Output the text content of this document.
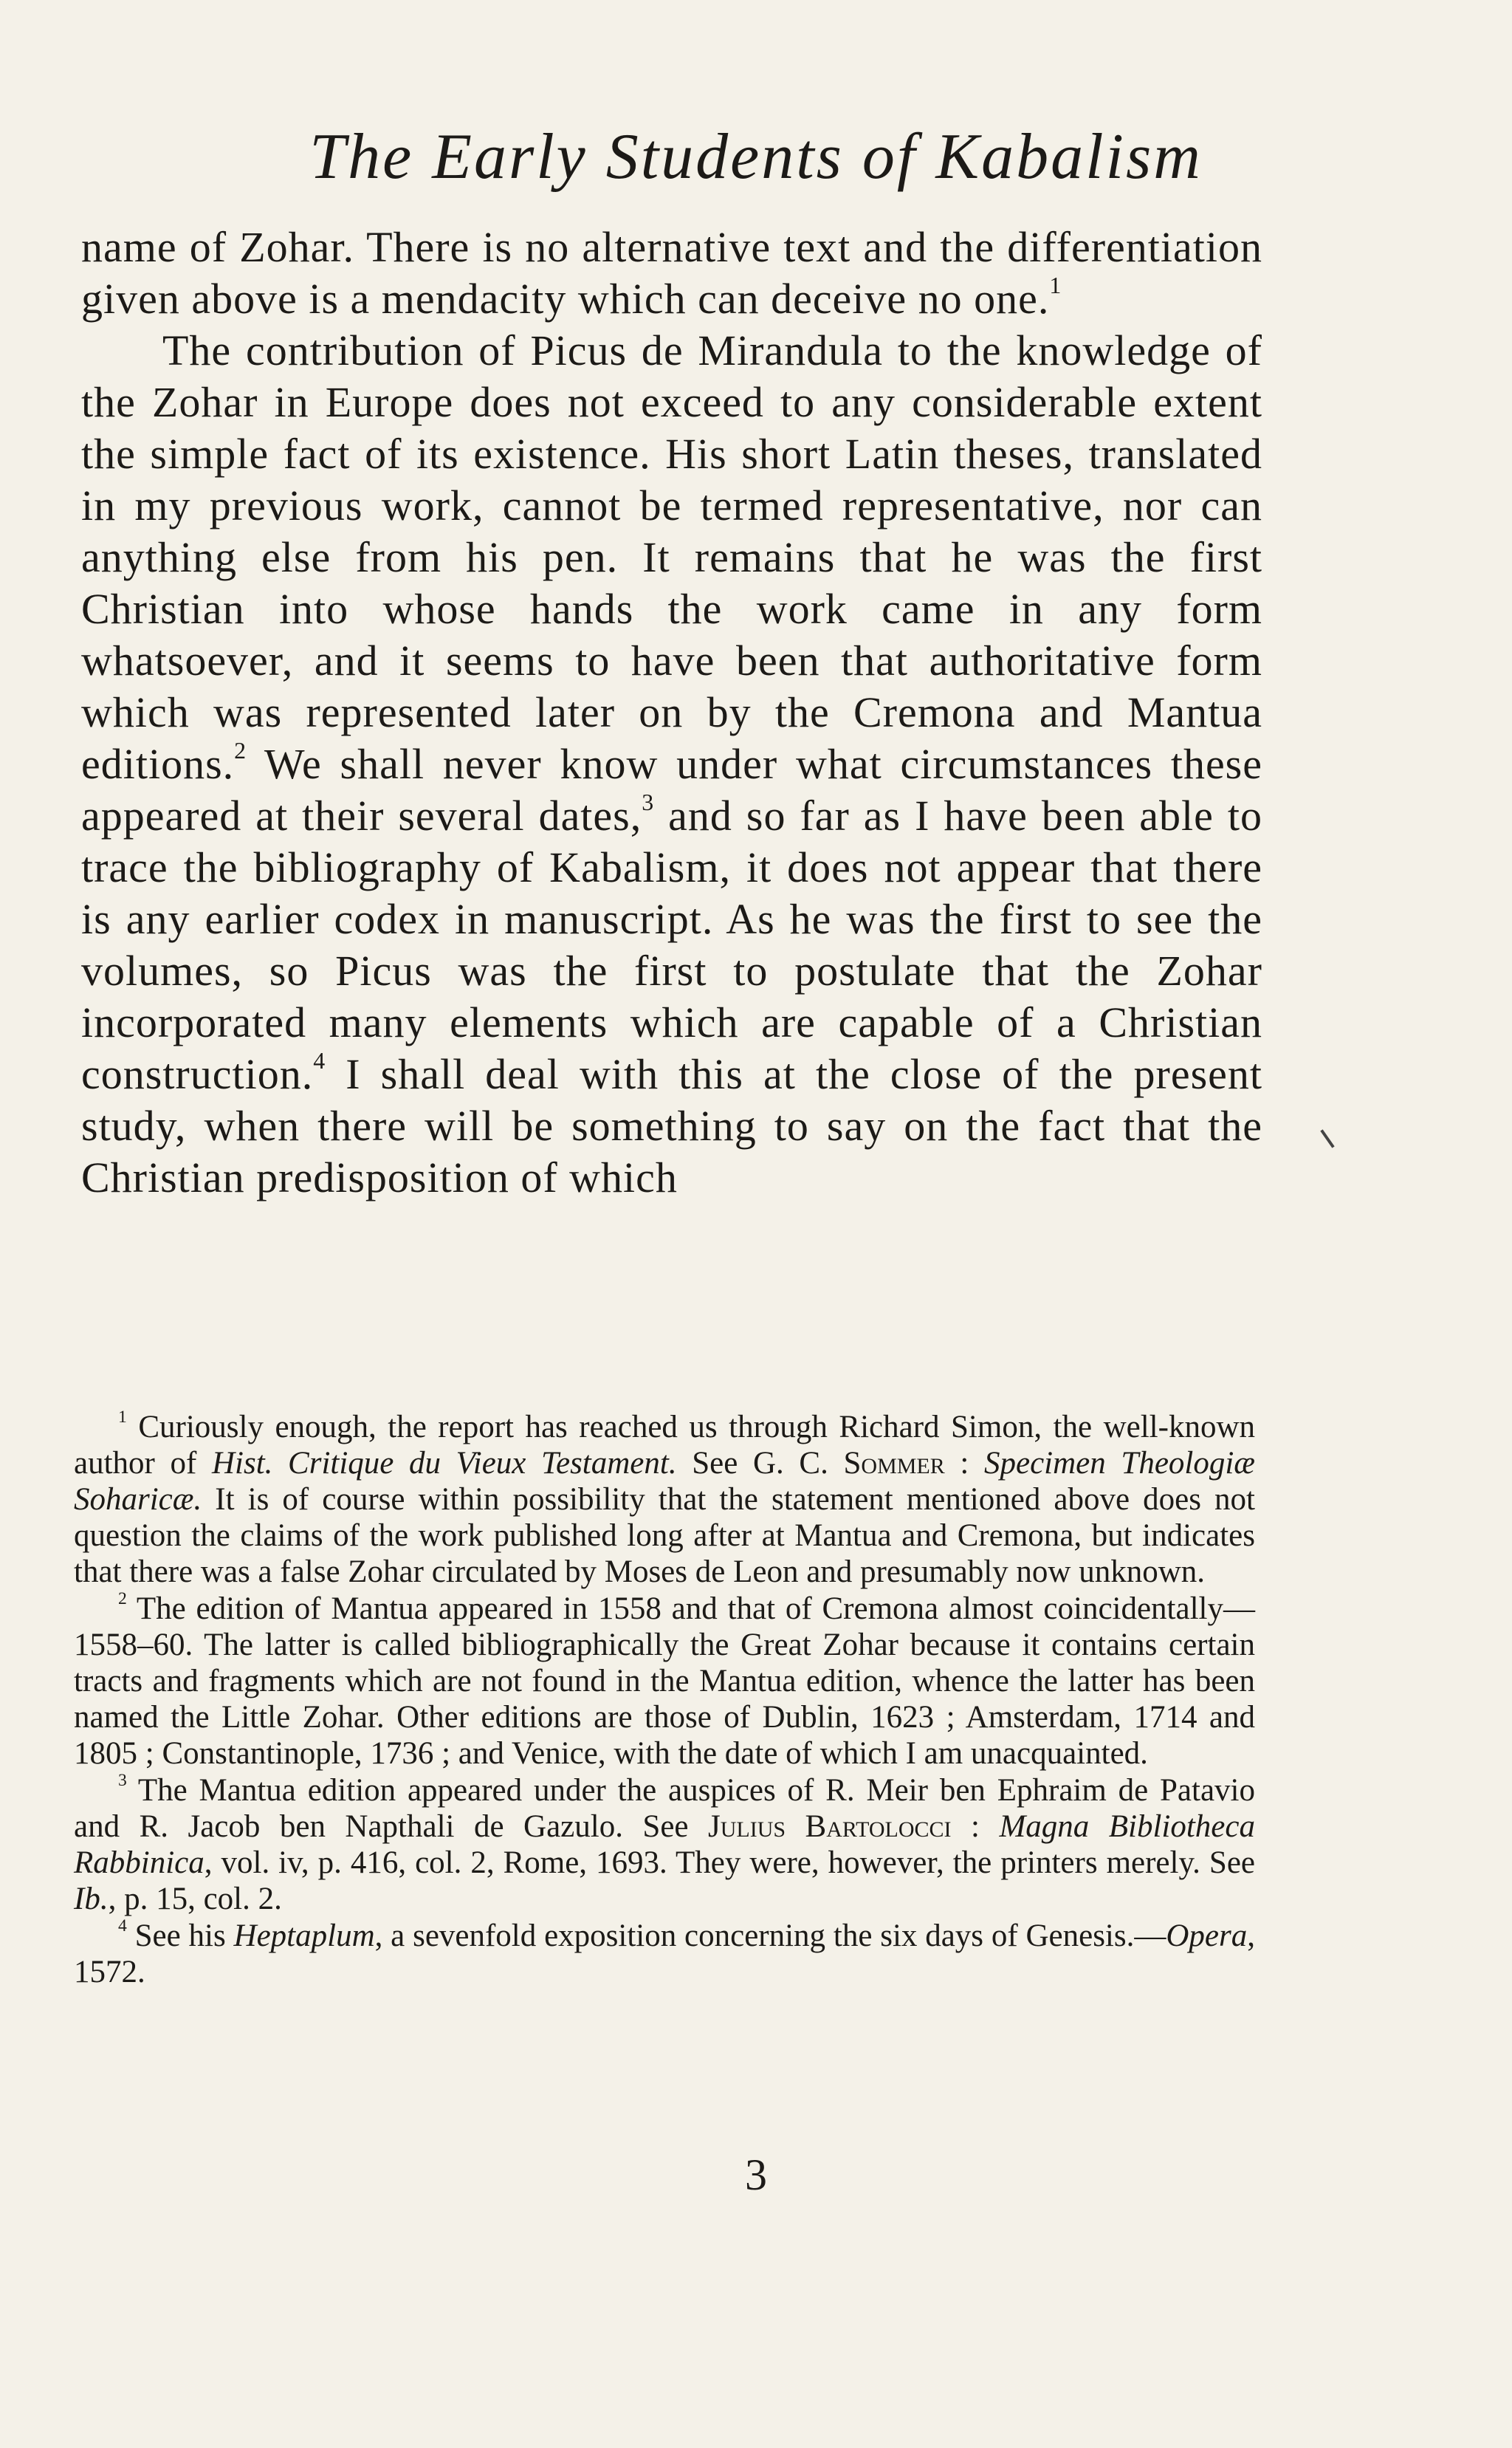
The Early Students of Kabalism

name of Zohar. There is no alternative text and the differentiation given above is a mendacity which can deceive no one.$^1$

The contribution of Picus de Mirandula to the knowledge of the Zohar in Europe does not exceed to any considerable extent the simple fact of its existence. His short Latin theses, translated in my previous work, cannot be termed representative, nor can anything else from his pen. It remains that he was the first Christian into whose hands the work came in any form whatsoever, and it seems to have been that authoritative form which was represented later on by the Cremona and Mantua editions.$^2$ We shall never know under what circumstances these appeared at their several dates,$^3$ and so far as I have been able to trace the bibliography of Kabalism, it does not appear that there is any earlier codex in manuscript. As he was the first to see the volumes, so Picus was the first to postulate that the Zohar incorporated many elements which are capable of a Christian construction.$^4$ I shall deal with this at the close of the present study, when there will be something to say on the fact that the Christian predisposition of which

$^1$ Curiously enough, the report has reached us through Richard Simon, the well-known author of Hist. Critique du Vieux Testament. See G. C. Sommer : Specimen Theologiæ Soharicæ. It is of course within possibility that the statement mentioned above does not question the claims of the work published long after at Mantua and Cremona, but indicates that there was a false Zohar circulated by Moses de Leon and presumably now unknown.

$^2$ The edition of Mantua appeared in 1558 and that of Cremona almost coincidentally—1558–60. The latter is called bibliographically the Great Zohar because it contains certain tracts and fragments which are not found in the Mantua edition, whence the latter has been named the Little Zohar. Other editions are those of Dublin, 1623 ; Amsterdam, 1714 and 1805 ; Constantinople, 1736 ; and Venice, with the date of which I am unacquainted.

$^3$ The Mantua edition appeared under the auspices of R. Meir ben Ephraim de Patavio and R. Jacob ben Napthali de Gazulo. See Julius Bartolocci : Magna Bibliotheca Rabbinica, vol. iv, p. 416, col. 2, Rome, 1693. They were, however, the printers merely. See Ib., p. 15, col. 2.

$^4$ See his Heptaplum, a sevenfold exposition concerning the six days of Genesis.—Opera, 1572.

3
